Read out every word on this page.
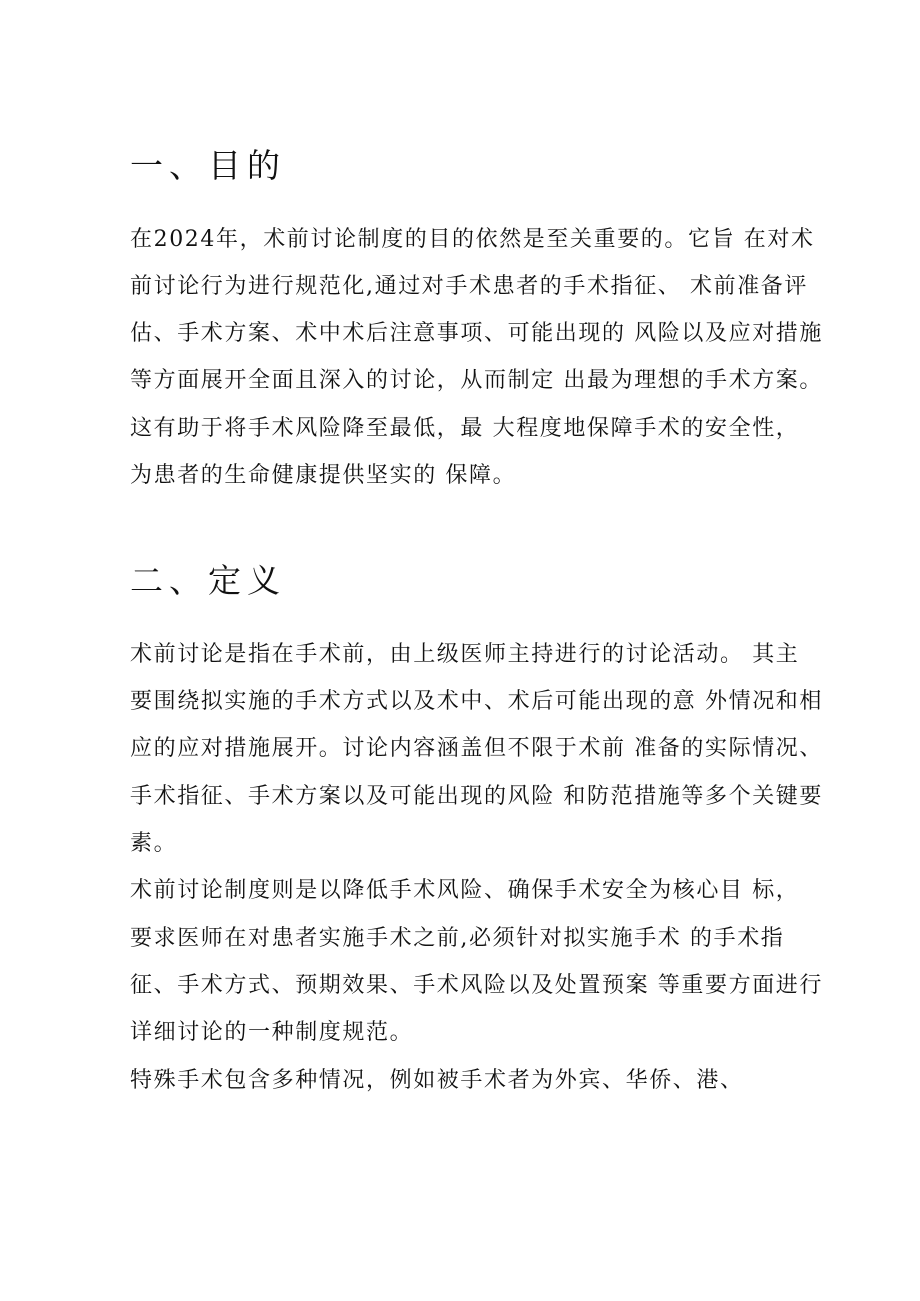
一、目的

在2024年，术前讨论制度的目的依然是至关重要的。它旨 在对术

前讨论行为进行规范化,通过对手术患者的手术指征、 术前准备评

估、手术方案、术中术后注意事项、可能出现的 风险以及应对措施

等方面展开全面且深入的讨论，从而制定 出最为理想的手术方案。

这有助于将手术风险降至最低，最 大程度地保障手术的安全性，

为患者的生命健康提供坚实的 保障。

二、定义

术前讨论是指在手术前，由上级医师主持进行的讨论活动。 其主

要围绕拟实施的手术方式以及术中、术后可能出现的意 外情况和相

应的应对措施展开。讨论内容涵盖但不限于术前 准备的实际情况、

手术指征、手术方案以及可能出现的风险 和防范措施等多个关键要

素。

术前讨论制度则是以降低手术风险、确保手术安全为核心目 标，

要求医师在对患者实施手术之前,必须针对拟实施手术 的手术指

征、手术方式、预期效果、手术风险以及处置预案 等重要方面进行

详细讨论的一种制度规范。

特殊手术包含多种情况，例如被手术者为外宾、华侨、港、
